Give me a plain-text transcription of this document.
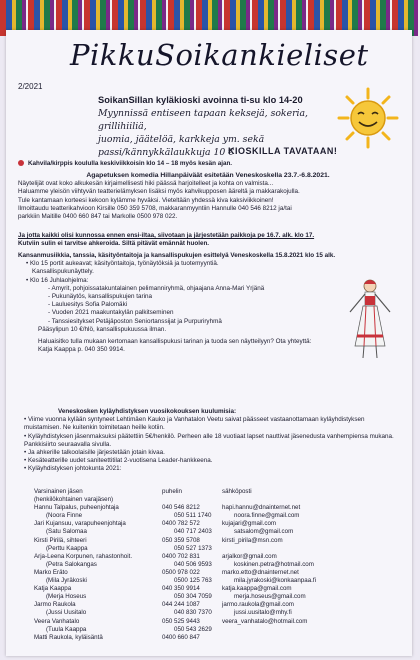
PikkuSoikankieliset
2/2021
SoikanSillan kyläkioski avoinna ti-su klo 14-20
Myynnissä entiseen tapaan keksejä, sokeria, grillihiiliä,
juomia, jäätelöä, karkkeja ym. sekä passi/kännykkälaukkuja 10 €
KIOSKILLA TAVATAAN!
Kahvila/kirppis koululla keskiviikkoisin klo 14 – 18 myös kesän ajan.
Agapetuksen komedia Hillanpäiväät esitetään Veneskoskella 23.7.-6.8.2021.
Näytelijät ovat koko alkukesän kirjaimellisesti hiki päässä harjoitelleet ja kohta on valmista...
Haluamme yleisön viihtyvän teatterielämyksen lisäksi myös kahvikupposen ääreltä ja makkarakojulla.
Tule kantamaan korteesi kekoon kylämme hyväksi. Vieteltään yhdessä kiva kaksiviikkoinen!
Ilmoittaudu teatterikahvioon Kirsille 050 359 5708, makkaranmyyntiin Hannulle 040 546 8212 ja/tai
parkkiin Maitille 0400 660 847 tai Markolle 0500 978 022.
Ja jotta kaikki olisi kunnossa ennen ensi-iltaa, siivotaan ja järjestetään paikkoja pe 16.7. alk. klo 17.
Kutviin sulin ei tarvitse ahkeroida. Siltä pitävät emännät huolen.
Kansanmusiikkia, tanssia, käsityöntaitoja ja kansallispukujen esittelyä Veneskoskella 15.8.2021 klo 15 alk.
• Klo 15 portit aukeavat; käsityöntaitoja, työnäytöksiä ja tuotemyyntiä.
Kansallispukunäyttely.
• Klo 16 Juhlaohjelma:
- Amyrit, pohjoissatakuntalainen pelimanniryhmä, ohjaajana Anna-Mari Yrjänä
- Pukunäytös, kansallispukujen tarina
- Lauluesitys Sofia Palomäki
- Vuoden 2021 maakuntakylän palkitseminen
- Tanssiesitykset Petäjäposton Seniortanssijat ja Purpuriryhmä
Pääsylipun 10 €/hlö, kansallispukuussa ilman.
Haluaisitko tulla mukaan kertomaan kansallispukusi tarinan ja tuoda sen näytteilyyn? Ota yhteyttä:
Katja Kaappa p. 040 350 9914.
Veneskosken kyläyhdistyksen vuosikokouksen kuulumisia:
• Viime vuonna kylään syntyneet Lehtimäen Kauko ja Vanhatalon Veetu saivat päässeet vastaanottamaan kyläyhdistyksen muistamisen. Ne kuitenkin toimitetaan heille kotiin.
• Kyläyhdistyksen jäsenmaksuksi päätettiin 5€/henkilö. Perheen alle 18 vuotiaat lapset nauttivat jäsenedusta vanhempiensa mukana. Pankkisiirto seuraavalla sivulla.
• Ja ahkerille talkoolaisille järjestetään jotain kivaa.
• Kesäteatterille uudet saniteettitilat 2-vuotisena Leader-hankkeena.
• Kyläyhdistyksen johtokunta 2021:
Varsinainen jäsen	puhelin	sähköposti
(henkilökohtainen varajäsen)
Hannu Talpalus, puheenjohtaja	040 546 8212	hapi.hannu@dnainternet.net
(Noora Finne	050 511 1740	noora.finne@gmail.com
Jari Kujansuu, varapuheenjohtaja	0400 782 572	kujajari@gmail.com
(Satu Salomaa	040 717 2403	satsalom@gmail.com
Kirsti Pirilä, sihteeri	050 359 5708	kirsti_pirila@msn.com
(Perttu Kaappa	050 527 1373
Arja-Leena Korpunen, rahastonhoit.	0400 702 831	arjalkor@gmail.com
(Petra Salokangas	040 506 9593	koskinen.petra@hotmail.com
Marko Eräto	0500 978 022	marko.etto@dnainternet.net
(Mila Jyräkoski	0500 125 763	mila.jyrakoski@konkaanpaa.fi
Katja Kaappa	040 350 9914	katja.kaappa@gmail.com
(Merja Hoseus	050 304 7059	merja.hoseus@gmail.com
Jarmo Raukola	044 244 1087	jarmo.raukola@gmail.com
(Jussi Uusitalo	040 830 7370	jussi.uusitalo@mhy.fi
Veera Vanhatalo	050 525 9443	veera_vanhatalo@hotmail.com
(Tuula Kaappa	050 543 2629
Matti Raukola, kyläisäntä	0400 660 847
